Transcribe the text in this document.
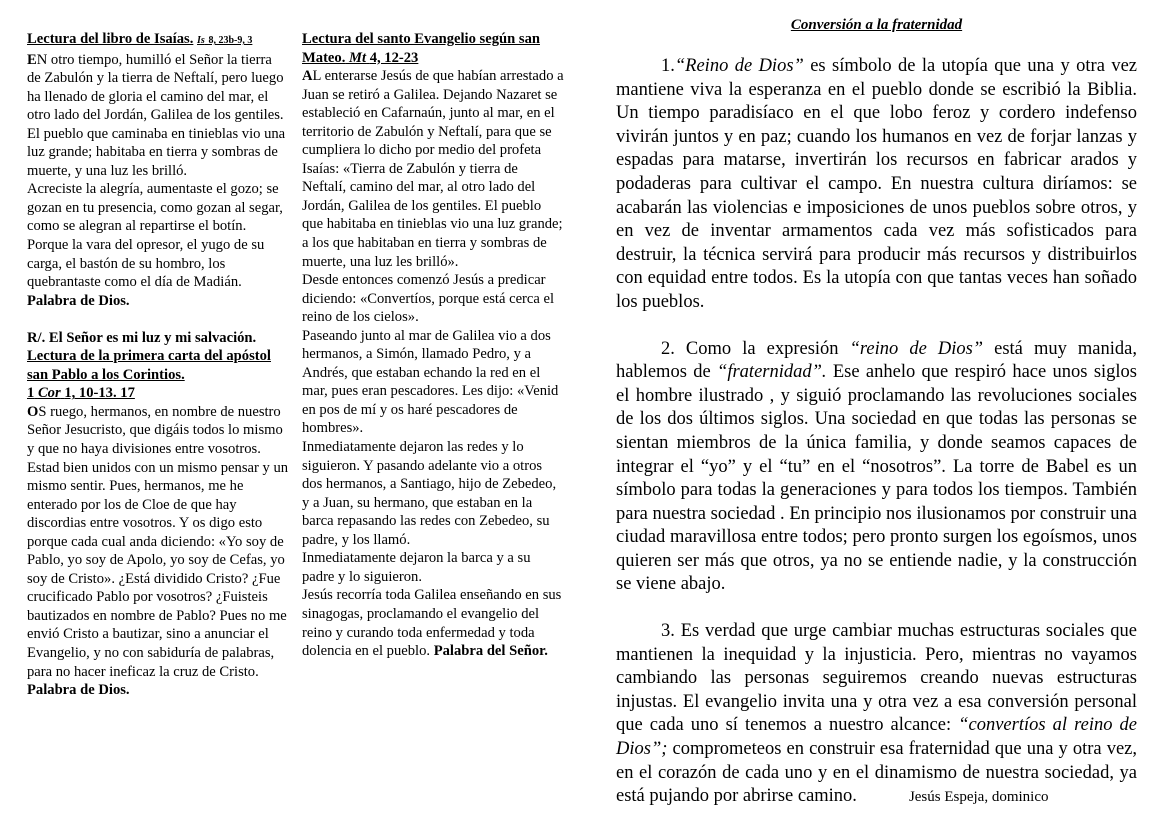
Lectura del libro de Isaías. Is 8, 23b-9, 3

EN otro tiempo, humilló el Señor la tierra de Zabulón y la tierra de Neftalí, pero luego ha llenado de gloria el camino del mar, el otro lado del Jordán, Galilea de los gentiles. El pueblo que caminaba en tinieblas vio una luz grande; habitaba en tierra y sombras de muerte, y una luz les brilló.

Acreciste la alegría, aumentaste el gozo; se gozan en tu presencia, como gozan al segar, como se alegran al repartirse el botín. Porque la vara del opresor, el yugo de su carga, el bastón de su hombro, los quebrantaste como el día de Madián.  Palabra de Dios.

R/. El Señor es mi luz y mi salvación.

Lectura de la primera carta del apóstol san Pablo a los Corintios.
1 Cor 1, 10-13. 17

OS ruego, hermanos, en nombre de nuestro Señor Jesucristo, que digáis todos lo mismo y que no haya divisiones entre vosotros. Estad bien unidos con un mismo pensar y un mismo sentir. Pues, hermanos, me he enterado por los de Cloe de que hay discordias entre vosotros. Y os digo esto porque cada cual anda diciendo: «Yo soy de Pablo, yo soy de Apolo, yo soy de Cefas, yo soy de Cristo». ¿Está dividido Cristo? ¿Fue crucificado Pablo por vosotros? ¿Fuisteis bautizados en nombre de Pablo? Pues no me envió Cristo a bautizar, sino a anunciar el Evangelio, y no con sabiduría de palabras, para no hacer ineficaz la cruz de Cristo.

Palabra de Dios.

Lectura del santo Evangelio según san Mateo. Mt 4, 12-23

AL enterarse Jesús de que habían arrestado a Juan se retiró a Galilea. Dejando Nazaret se estableció en Cafarnaún, junto al mar, en el territorio de Zabulón y Neftalí, para que se cumpliera lo dicho por medio del profeta Isaías: «Tierra de Zabulón y tierra de Neftalí, camino del mar, al otro lado del Jordán, Galilea de los gentiles. El pueblo que habitaba en tinieblas vio una luz grande; a los que habitaban en tierra y sombras de muerte, una luz les brilló».

Desde entonces comenzó Jesús a predicar diciendo: «Convertíos, porque está cerca el reino de los cielos».

Paseando junto al mar de Galilea vio a dos hermanos, a Simón, llamado Pedro, y a Andrés, que estaban echando la red en el mar, pues eran pescadores. Les dijo: «Venid en pos de mí y os haré pescadores de hombres».

Inmediatamente dejaron las redes y lo siguieron. Y pasando adelante vio a otros dos hermanos, a Santiago, hijo de Zebedeo, y a Juan, su hermano, que estaban en la barca repasando las redes con Zebedeo, su padre, y los llamó.

Inmediatamente dejaron la barca y a su padre y lo siguieron.

Jesús recorría toda Galilea enseñando en sus sinagogas, proclamando el evangelio del reino y curando toda enfermedad y toda dolencia en el pueblo. Palabra del Señor.

Conversión a la fraternidad

1.“Reino de Dios” es símbolo de la utopía que una y otra vez mantiene viva la esperanza en el pueblo donde se escribió la Biblia. Un tiempo paradisíaco en el que lobo feroz y cordero indefenso vivirán juntos y en paz; cuando los humanos en vez de forjar lanzas y espadas para matarse, invertirán los recursos en fabricar arados y podaderas para cultivar el campo. En nuestra cultura diríamos: se acabarán las violencias e imposiciones de unos pueblos sobre otros, y en vez de inventar armamentos cada vez más sofisticados para destruir, la técnica servirá para producir más recursos y distribuirlos con equidad entre todos. Es la utopía con que tantas veces han soñado los pueblos.

2. Como la expresión “reino de Dios” está muy manida, hablemos de “fraternidad”. Ese anhelo que respiró hace unos siglos el hombre ilustrado , y siguió proclamando las revoluciones sociales de los dos últimos siglos. Una sociedad en que todas las personas se sientan miembros de la única familia, y donde seamos capaces de integrar el “yo” y el “tu” en el “nosotros”. La torre de Babel es un símbolo para todas la generaciones y para todos los tiempos. También para nuestra sociedad . En principio nos ilusionamos por construir una ciudad maravillosa entre todos; pero pronto surgen los egoísmos, unos quieren ser más que otros, ya no se entiende nadie, y la construcción se viene abajo.

3. Es verdad que urge cambiar muchas estructuras sociales que mantienen la inequidad y la injusticia. Pero, mientras no vayamos cambiando las personas seguiremos creando nuevas estructuras injustas. El evangelio invita una y otra vez a esa conversión personal que cada uno sí tenemos a nuestro alcance: “convertíos al reino de Dios”; comprometeos en construir esa fraternidad que una y otra vez, en el corazón de cada uno y en el dinamismo de nuestra sociedad, ya está pujando por abrirse camino.	Jesús Espeja, dominico
